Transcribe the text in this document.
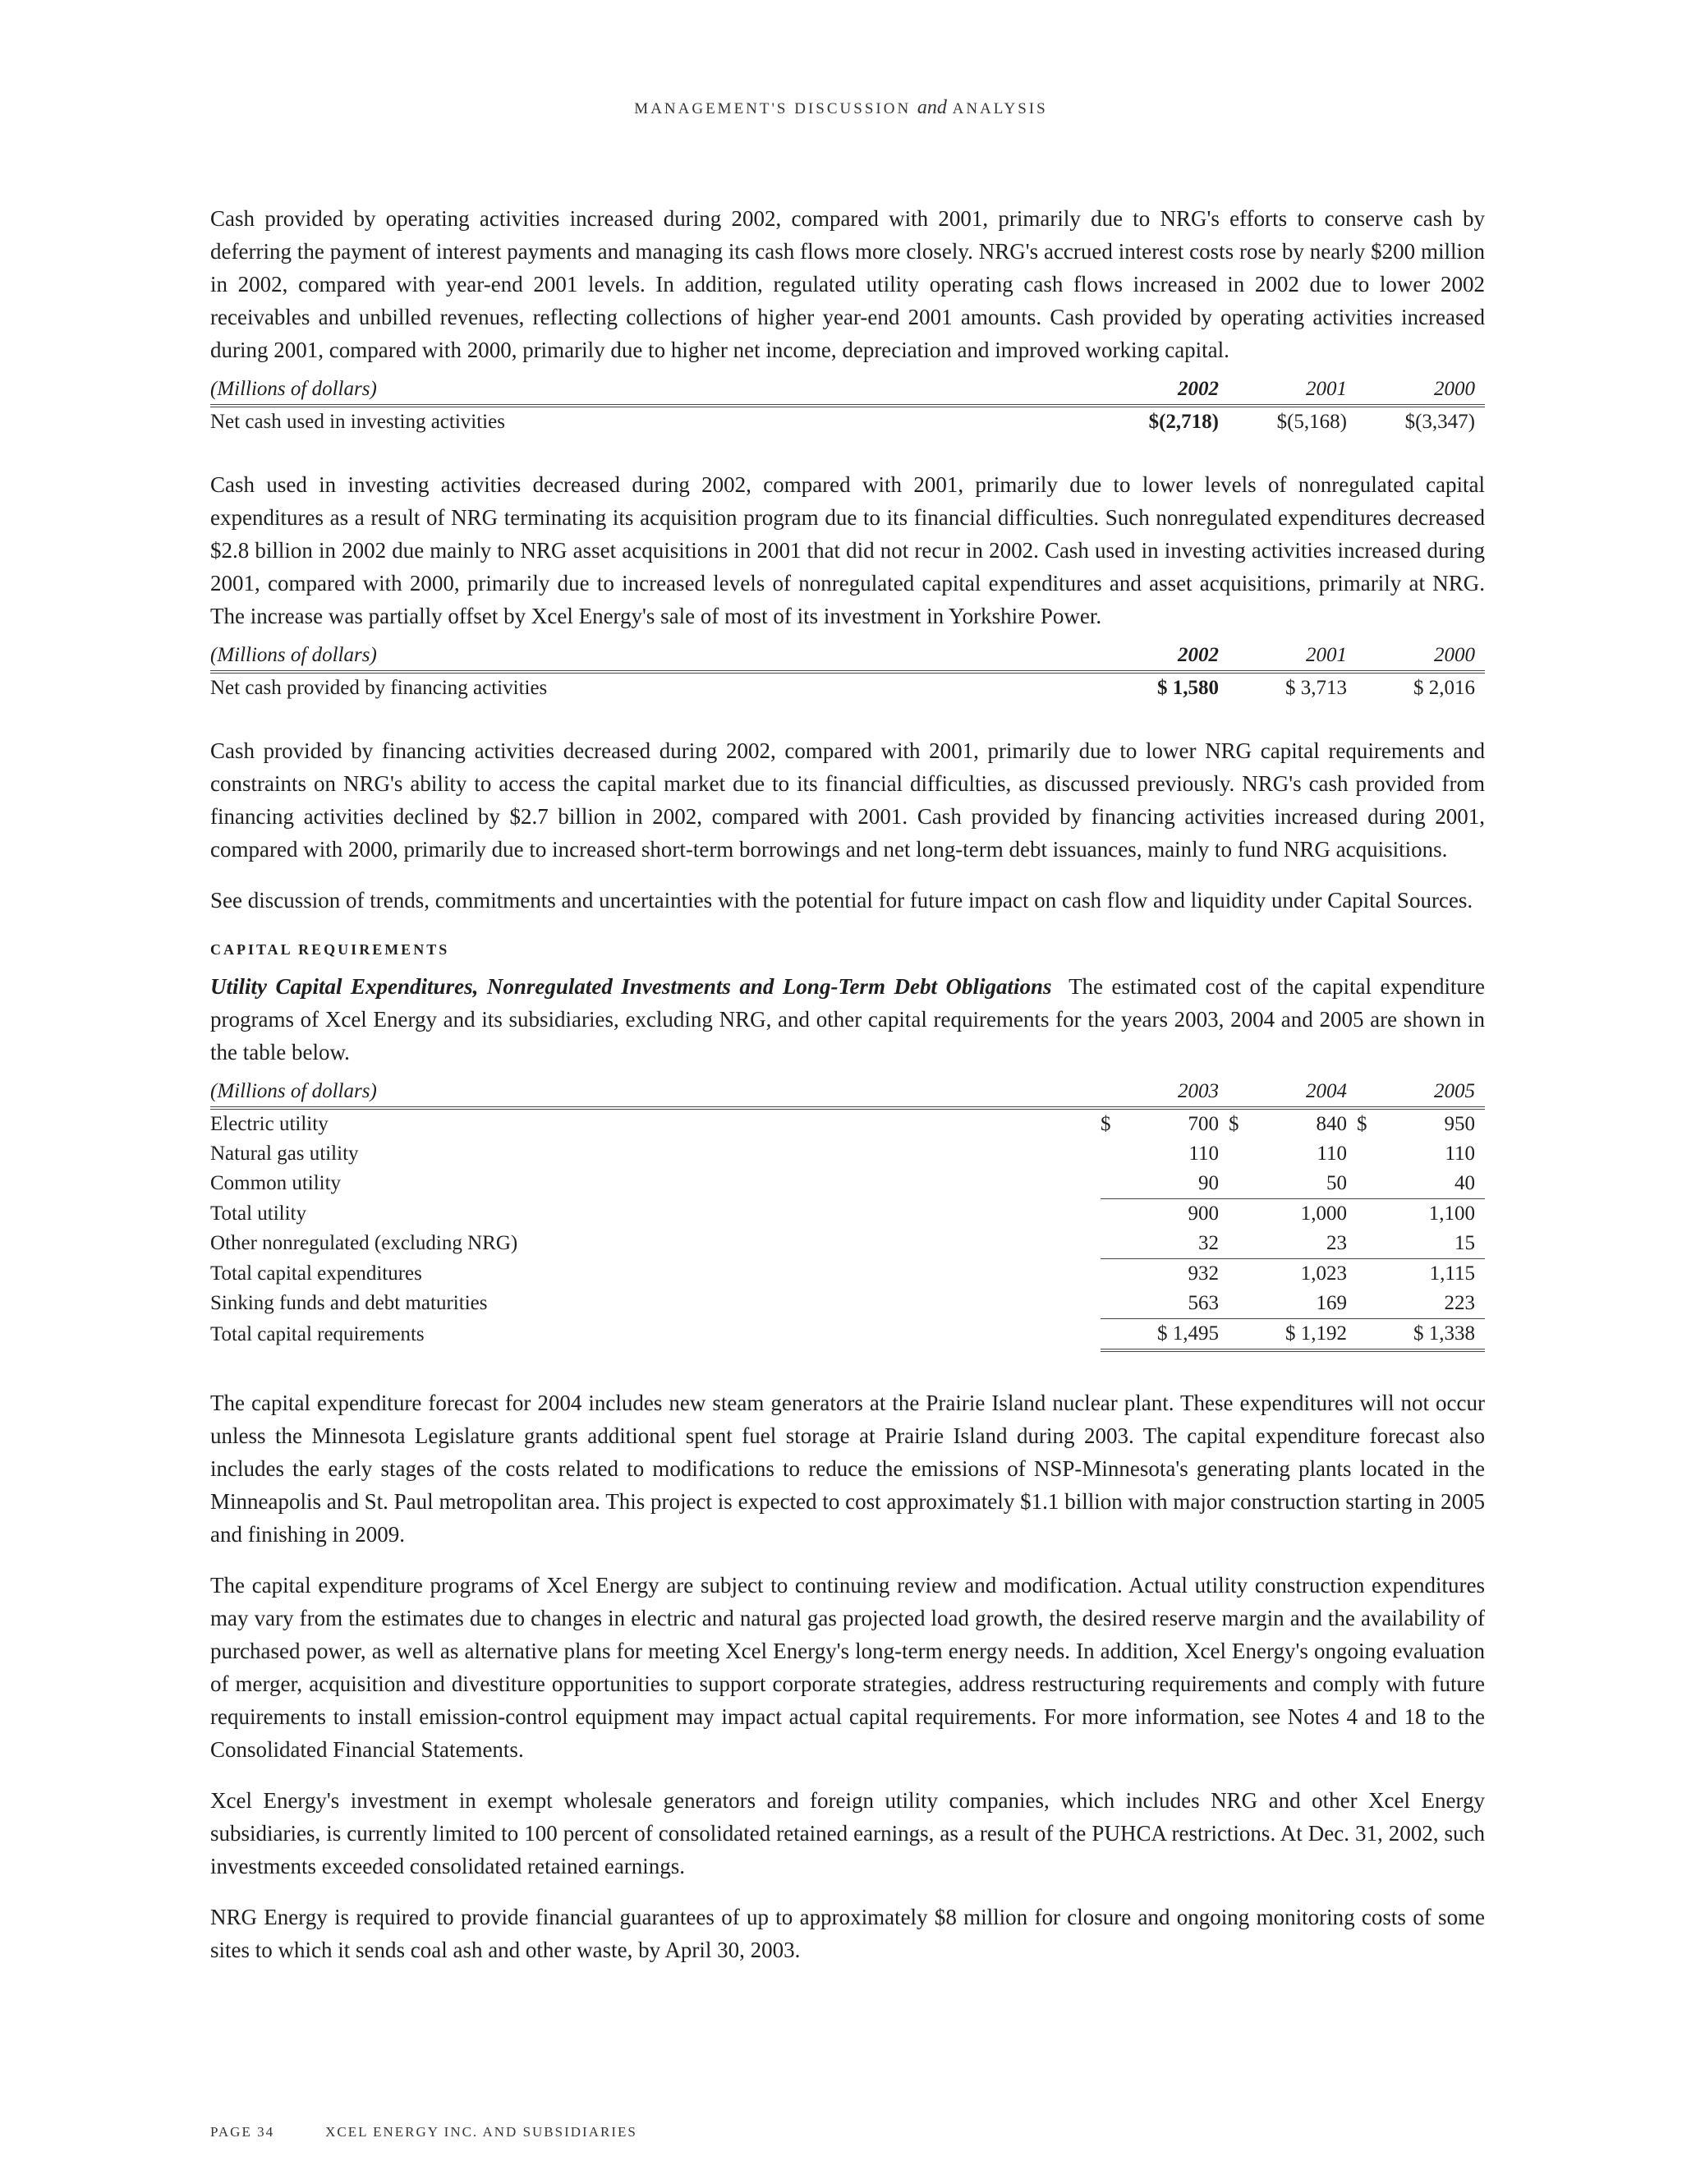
MANAGEMENT'S DISCUSSION and ANALYSIS

Cash provided by operating activities increased during 2002, compared with 2001, primarily due to NRG's efforts to conserve cash by deferring the payment of interest payments and managing its cash flows more closely. NRG's accrued interest costs rose by nearly $200 million in 2002, compared with year-end 2001 levels. In addition, regulated utility operating cash flows increased in 2002 due to lower 2002 receivables and unbilled revenues, reflecting collections of higher year-end 2001 amounts. Cash provided by operating activities increased during 2001, compared with 2000, primarily due to higher net income, depreciation and improved working capital.

(Millions of dollars)	2002	2001	2000
Net cash used in investing activities	$(2,718)	$(5,168)	$(3,347)

Cash used in investing activities decreased during 2002, compared with 2001, primarily due to lower levels of nonregulated capital expenditures as a result of NRG terminating its acquisition program due to its financial difficulties. Such nonregulated expenditures decreased $2.8 billion in 2002 due mainly to NRG asset acquisitions in 2001 that did not recur in 2002. Cash used in investing activities increased during 2001, compared with 2000, primarily due to increased levels of nonregulated capital expenditures and asset acquisitions, primarily at NRG. The increase was partially offset by Xcel Energy's sale of most of its investment in Yorkshire Power.

(Millions of dollars)	2002	2001	2000
Net cash provided by financing activities	$ 1,580	$ 3,713	$ 2,016

Cash provided by financing activities decreased during 2002, compared with 2001, primarily due to lower NRG capital requirements and constraints on NRG's ability to access the capital market due to its financial difficulties, as discussed previously. NRG's cash provided from financing activities declined by $2.7 billion in 2002, compared with 2001. Cash provided by financing activities increased during 2001, compared with 2000, primarily due to increased short-term borrowings and net long-term debt issuances, mainly to fund NRG acquisitions.

See discussion of trends, commitments and uncertainties with the potential for future impact on cash flow and liquidity under Capital Sources.

CAPITAL REQUIREMENTS

Utility Capital Expenditures, Nonregulated Investments and Long-Term Debt Obligations The estimated cost of the capital expenditure programs of Xcel Energy and its subsidiaries, excluding NRG, and other capital requirements for the years 2003, 2004 and 2005 are shown in the table below.

(Millions of dollars)	2003	2004	2005
Electric utility	$ 700	$ 840	$ 950

Natural gas utility	110	110	110
Common utility	90	50	40
Total utility	900	1,000	1,100
Other nonregulated (excluding NRG)	32	23	15
Total capital expenditures	932	1,023	1,115
Sinking funds and debt maturities	563	169	223
Total capital requirements	$ 1,495	$ 1,192	$ 1,338

The capital expenditure forecast for 2004 includes new steam generators at the Prairie Island nuclear plant. These expenditures will not occur unless the Minnesota Legislature grants additional spent fuel storage at Prairie Island during 2003. The capital expenditure forecast also includes the early stages of the costs related to modifications to reduce the emissions of NSP-Minnesota's generating plants located in the Minneapolis and St. Paul metropolitan area. This project is expected to cost approximately $1.1 billion with major construction starting in 2005 and finishing in 2009.

The capital expenditure programs of Xcel Energy are subject to continuing review and modification. Actual utility construction expenditures may vary from the estimates due to changes in electric and natural gas projected load growth, the desired reserve margin and the availability of purchased power, as well as alternative plans for meeting Xcel Energy's long-term energy needs. In addition, Xcel Energy's ongoing evaluation of merger, acquisition and divestiture opportunities to support corporate strategies, address restructuring requirements and comply with future requirements to install emission-control equipment may impact actual capital requirements. For more information, see Notes 4 and 18 to the Consolidated Financial Statements.

Xcel Energy's investment in exempt wholesale generators and foreign utility companies, which includes NRG and other Xcel Energy subsidiaries, is currently limited to 100 percent of consolidated retained earnings, as a result of the PUHCA restrictions. At Dec. 31, 2002, such investments exceeded consolidated retained earnings.

NRG Energy is required to provide financial guarantees of up to approximately $8 million for closure and ongoing monitoring costs of some sites to which it sends coal ash and other waste, by April 30, 2003.

PAGE 34	XCEL ENERGY INC. AND SUBSIDIARIES
